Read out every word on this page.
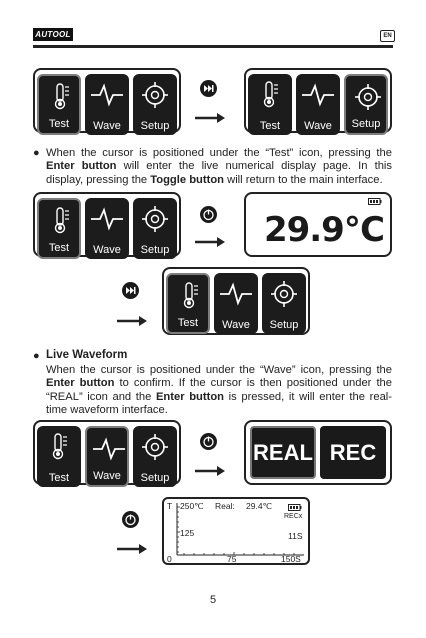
AUTOOL	EN
Test	Wave	Setup	Test	Wave	Setup
● When the cursor is positioned under the “Test” icon, pressing the Enter button will enter the live numerical display page. In this display, pressing the Toggle button will return to the main interface.
Test	Wave	Setup	29.9℃
Test	Wave	Setup
● Live Waveform
When the cursor is positioned under the “Wave” icon, pressing the Enter button to confirm. If the cursor is then positioned under the “REAL” icon and the Enter button is pressed, it will enter the real-time waveform interface.
Test	Wave	Setup
REAL REC
T 250℃ Real: 29.4℃
RECx
125	11S
0	75	150S
5
